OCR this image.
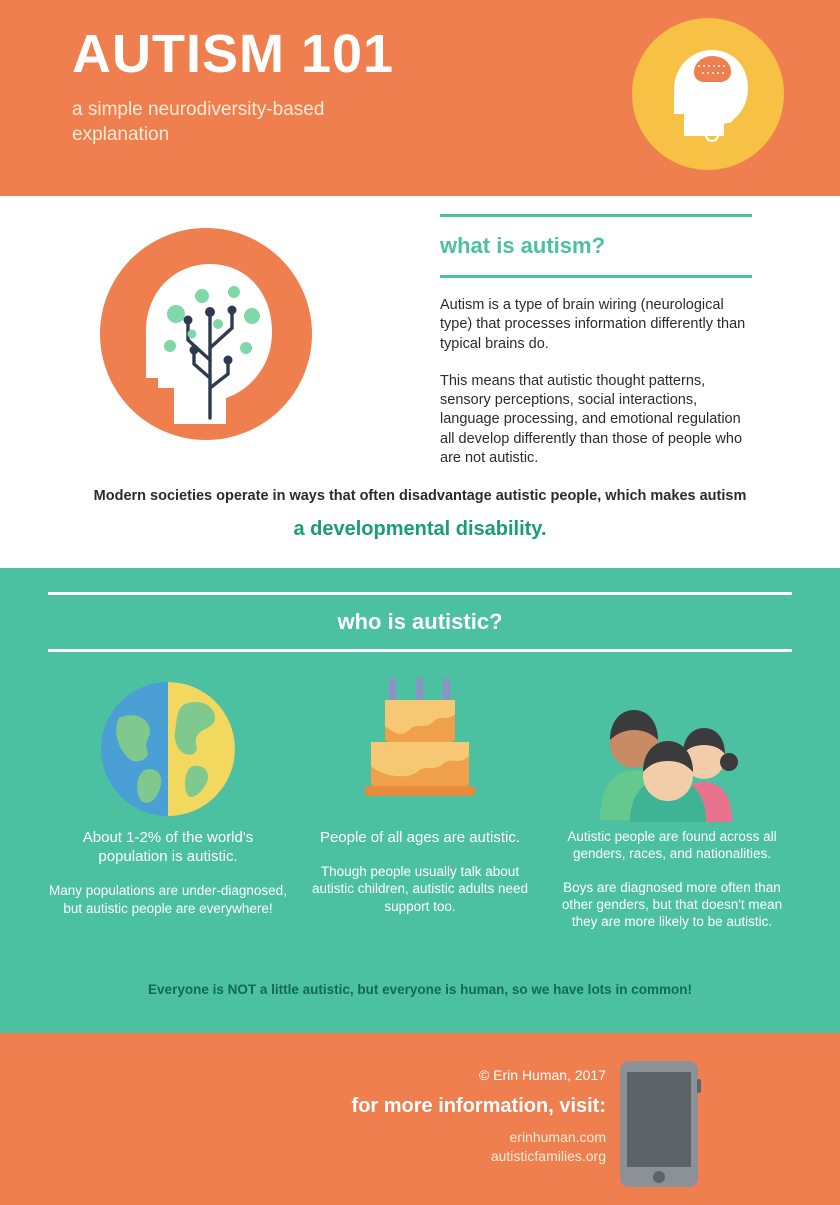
AUTISM 101
a simple neurodiversity-based explanation
what is autism?

Autism is a type of brain wiring (neurological type) that processes information differently than typical brains do.

This means that autistic thought patterns, sensory perceptions, social interactions, language processing, and emotional regulation all develop differently than those of people who are not autistic.

Modern societies operate in ways that often disadvantage autistic people, which makes autism
a developmental disability.
who is autistic?

About 1-2% of the world's population is autistic.

Many populations are under-diagnosed, but autistic people are everywhere!

People of all ages are autistic.

Though people usually talk about autistic children, autistic adults need support too.

Autistic people are found across all genders, races, and nationalities.

Boys are diagnosed more often than other genders, but that doesn't mean they are more likely to be autistic.

Everyone is NOT a little autistic, but everyone is human, so we have lots in common!
© Erin Human, 2017
for more information, visit:
erinhuman.com
autisticfamilies.org
